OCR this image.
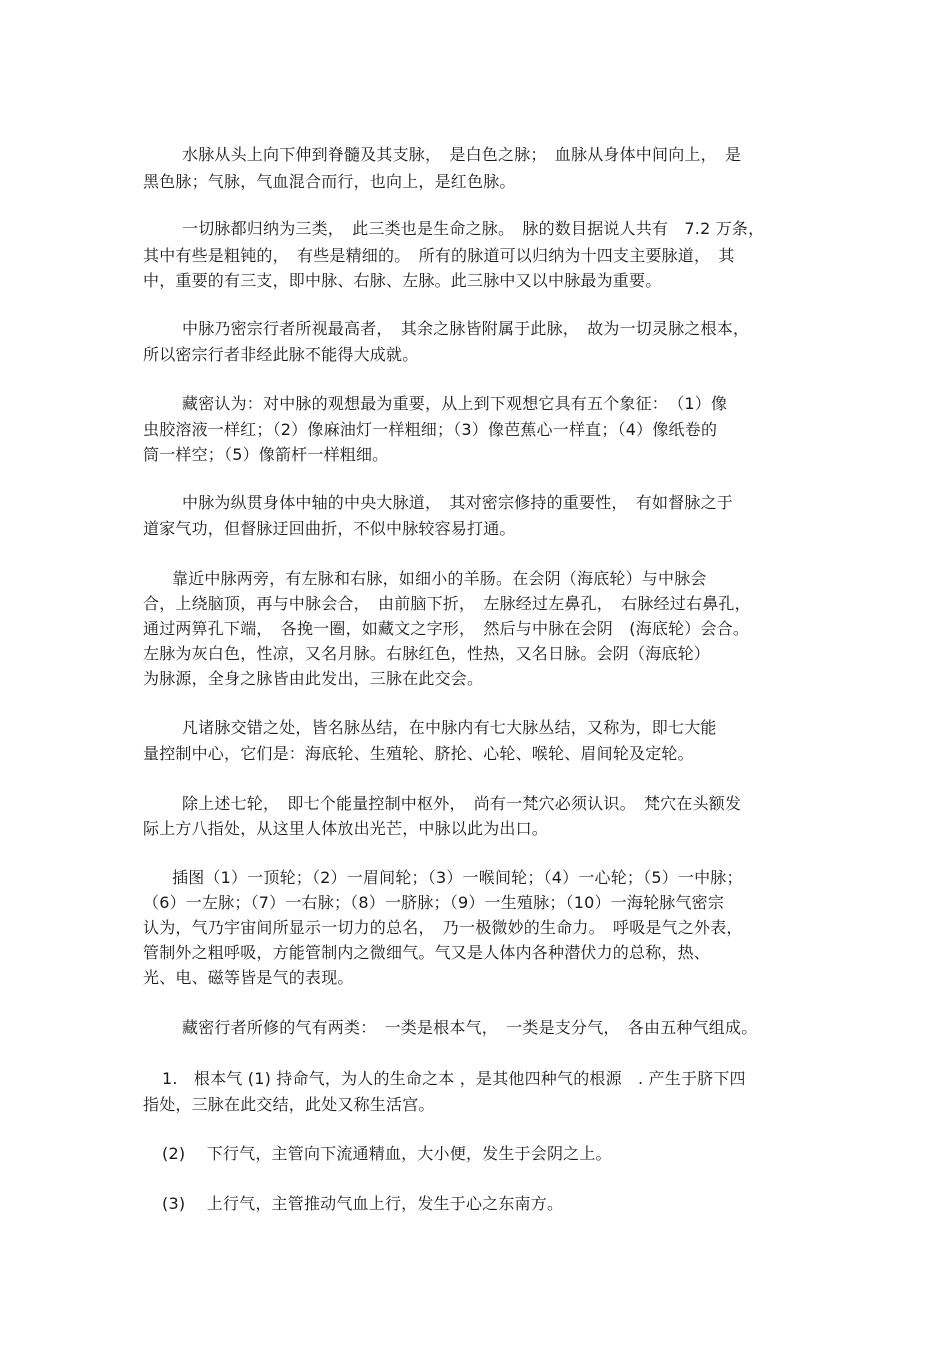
水脉从头上向下伸到脊髓及其支脉，　是白色之脉；　血脉从身体中间向上，　是
黑色脉；气脉，气血混合而行，也向上，是红色脉。
一切脉都归纳为三类，　此三类也是生命之脉。　脉的数目据说人共有　7.2 万条，
其中有些是粗钝的，　有些是精细的。　所有的脉道可以归纳为十四支主要脉道，　其
中，重要的有三支，即中脉、右脉、左脉。此三脉中又以中脉最为重要。
中脉乃密宗行者所视最高者，　其余之脉皆附属于此脉，　故为一切灵脉之根本，
所以密宗行者非经此脉不能得大成就。
藏密认为：对中脉的观想最为重要，从上到下观想它具有五个象征：　（1）像
虫胶溶液一样红；（2）像麻油灯一样粗细；（3）像芭蕉心一样直；（4）像纸卷的
筒一样空；（5）像箭杆一样粗细。
中脉为纵贯身体中轴的中央大脉道，　其对密宗修持的重要性，　有如督脉之于
道家气功，但督脉迂回曲折，不似中脉较容易打通。
靠近中脉两旁，有左脉和右脉，如细小的羊肠。在会阴（海底轮）与中脉会
合，上绕脑顶，再与中脉会合，　由前脑下折，　左脉经过左鼻孔，　右脉经过右鼻孔，
通过两箅孔下端，　各挽一圈，如藏文之字形，　然后与中脉在会阴　(海底轮）会合。
左脉为灰白色，性凉，又名月脉。右脉红色，性热，又名日脉。会阴（海底轮）
为脉源，全身之脉皆由此发出，三脉在此交会。
凡诸脉交错之处，皆名脉丛结，在中脉内有七大脉丛结，又称为，即七大能
量控制中心，它们是：海底轮、生殖轮、脐抡、心轮、喉轮、眉间轮及定轮。
除上述七轮，　即七个能量控制中枢外，　尚有一梵穴必须认识。　梵穴在头额发
际上方八指处，从这里人体放出光芒，中脉以此为出口。
插图（1）一顶轮；（2）一眉间轮；（3）一喉间轮；（4）一心轮；（5）一中脉；
（6）一左脉；（7）一右脉；（8）一脐脉；（9）一生殖脉；（10）一海轮脉气密宗
认为，气乃宇宙间所显示一切力的总名，　乃一极微妙的生命力。　呼吸是气之外表，
管制外之粗呼吸，方能管制内之微细气。气又是人体内各种潜伏力的总称，热、
光、电、磁等皆是气的表现。
藏密行者所修的气有两类：　一类是根本气，　一类是支分气，　各由五种气组成。
1.　根本气 (1) 持命气，为人的生命之本 ，是其他四种气的根源　. 产生于脐下四
指处，三脉在此交结，此处又称生活宫。
(2)　 下行气，主管向下流通精血，大小便，发生于会阴之上。
(3)　 上行气，主管推动气血上行，发生于心之东南方。
